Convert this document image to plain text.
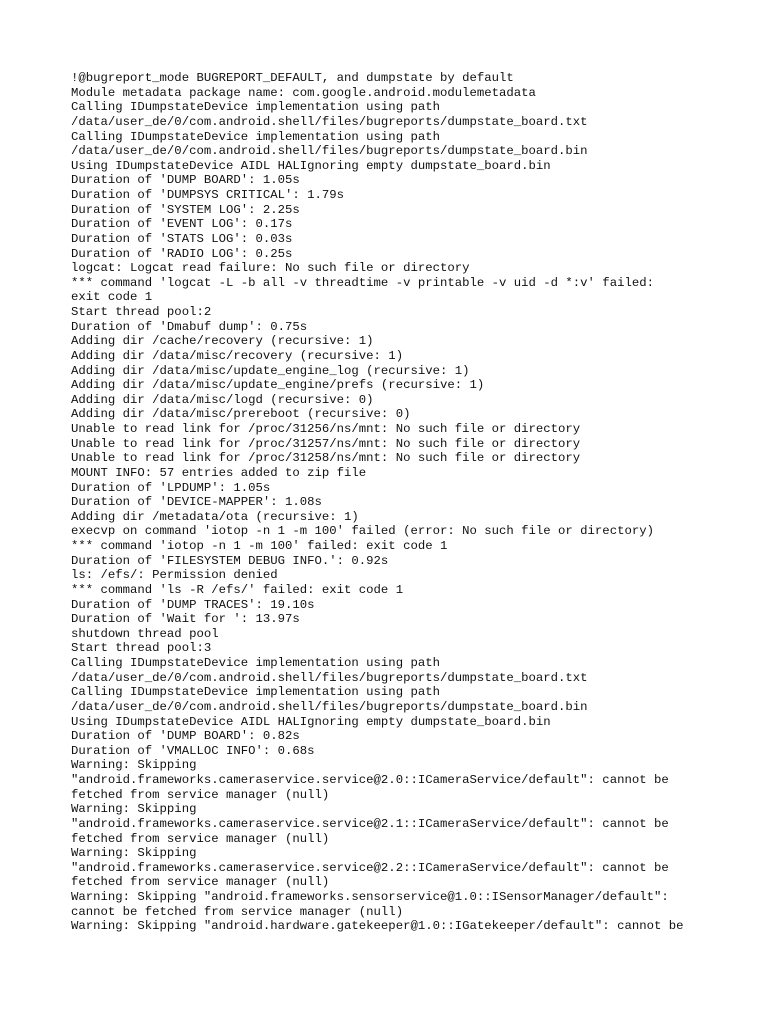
!@bugreport_mode BUGREPORT_DEFAULT, and dumpstate by default
Module metadata package name: com.google.android.modulemetadata
Calling IDumpstateDevice implementation using path
/data/user_de/0/com.android.shell/files/bugreports/dumpstate_board.txt
Calling IDumpstateDevice implementation using path
/data/user_de/0/com.android.shell/files/bugreports/dumpstate_board.bin
Using IDumpstateDevice AIDL HALIgnoring empty dumpstate_board.bin
Duration of 'DUMP BOARD': 1.05s
Duration of 'DUMPSYS CRITICAL': 1.79s
Duration of 'SYSTEM LOG': 2.25s
Duration of 'EVENT LOG': 0.17s
Duration of 'STATS LOG': 0.03s
Duration of 'RADIO LOG': 0.25s
logcat: Logcat read failure: No such file or directory
*** command 'logcat -L -b all -v threadtime -v printable -v uid -d *:v' failed:
exit code 1
Start thread pool:2
Duration of 'Dmabuf dump': 0.75s
Adding dir /cache/recovery (recursive: 1)
Adding dir /data/misc/recovery (recursive: 1)
Adding dir /data/misc/update_engine_log (recursive: 1)
Adding dir /data/misc/update_engine/prefs (recursive: 1)
Adding dir /data/misc/logd (recursive: 0)
Adding dir /data/misc/prereboot (recursive: 0)
Unable to read link for /proc/31256/ns/mnt: No such file or directory
Unable to read link for /proc/31257/ns/mnt: No such file or directory
Unable to read link for /proc/31258/ns/mnt: No such file or directory
MOUNT INFO: 57 entries added to zip file
Duration of 'LPDUMP': 1.05s
Duration of 'DEVICE-MAPPER': 1.08s
Adding dir /metadata/ota (recursive: 1)
execvp on command 'iotop -n 1 -m 100' failed (error: No such file or directory)
*** command 'iotop -n 1 -m 100' failed: exit code 1
Duration of 'FILESYSTEM DEBUG INFO.': 0.92s
ls: /efs/: Permission denied
*** command 'ls -R /efs/' failed: exit code 1
Duration of 'DUMP TRACES': 19.10s
Duration of 'Wait for ': 13.97s
shutdown thread pool
Start thread pool:3
Calling IDumpstateDevice implementation using path
/data/user_de/0/com.android.shell/files/bugreports/dumpstate_board.txt
Calling IDumpstateDevice implementation using path
/data/user_de/0/com.android.shell/files/bugreports/dumpstate_board.bin
Using IDumpstateDevice AIDL HALIgnoring empty dumpstate_board.bin
Duration of 'DUMP BOARD': 0.82s
Duration of 'VMALLOC INFO': 0.68s
Warning: Skipping
"android.frameworks.cameraservice.service@2.0::ICameraService/default": cannot be
fetched from service manager (null)
Warning: Skipping
"android.frameworks.cameraservice.service@2.1::ICameraService/default": cannot be
fetched from service manager (null)
Warning: Skipping
"android.frameworks.cameraservice.service@2.2::ICameraService/default": cannot be
fetched from service manager (null)
Warning: Skipping "android.frameworks.sensorservice@1.0::ISensorManager/default":
cannot be fetched from service manager (null)
Warning: Skipping "android.hardware.gatekeeper@1.0::IGatekeeper/default": cannot be
